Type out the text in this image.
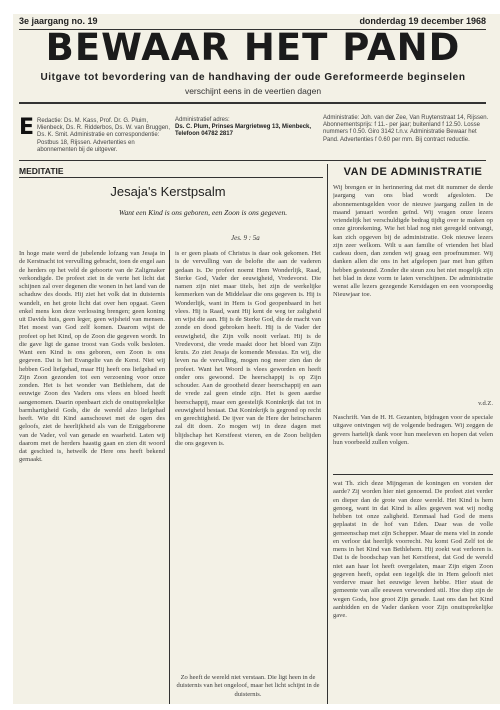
3e jaargang no. 19	donderdag 19 december 1968
BEWAAR HET PAND
Uitgave tot bevordering van de handhaving der oude Gereformeerde beginselen
verschijnt eens in de veertien dagen
E Redactie: Ds. M. Kass, Prof. Dr. G. Pluim, Mienbeck, Ds. R. Ridderbos, Ds. W. van Bruggen, Ds. K. Smit. Administratie en correspondentie: Postbus 18, Rijssen. Advertenties en abonnementen bij de uitgever.
Administratief adres:
Ds. C. Plum, Prinses Margrietweg 13, Mienbeck, Telefoon 04782 2817
Administratie: Joh. van der Zee, Van Ruytenstraat 14, Rijssen. Abonnementsprijs: f 11.- per jaar; buitenland f 12.50. Losse nummers f 0.50. Giro 3142 t.n.v. Administratie Bewaar het Pand. Advertenties f 0.60 per mm. Bij contract reductie.
MEDITATIE
Jesaja's Kerstpsalm
Want een Kind is ons geboren, een Zoon is ons gegeven.
Jes. 9 : 5a
In hoge mate werd de jubelende lofzang van Jesaja in de Kerstnacht tot vervulling gebracht, toen de engel aan de herders op het veld de geboorte van de Zaligmaker verkondigde. De profeet ziet in de verte het licht dat schijnen zal over degenen die wonen in het land van de schaduw des doods. Hij ziet het volk dat in duisternis wandelt, en het grote licht dat over hen opgaat. Geen enkel mens kon deze verlossing brengen; geen koning uit Davids huis, geen leger, geen wijsheid van mensen. Het moest van God zelf komen. Daarom wijst de profeet op het Kind, op de Zoon die gegeven wordt. In die gave ligt de ganse troost van Gods volk besloten. Want een Kind is ons geboren, een Zoon is ons gegeven. Dat is het Evangelie van de Kerst. Niet wij hebben God liefgehad, maar Hij heeft ons liefgehad en Zijn Zoon gezonden tot een verzoening voor onze zonden. Het is het wonder van Bethlehem, dat de eeuwige Zoon des Vaders ons vlees en bloed heeft aangenomen. Daarin openbaart zich de onuitsprekelijke barmhartigheid Gods, die de wereld alzo liefgehad heeft. Wie dit Kind aanschouwt met de ogen des geloofs, ziet de heerlijkheid als van de Eniggeborene van de Vader, vol van genade en waarheid. Laten wij daarom met de herders haastig gaan en zien dit woord dat geschied is, hetwelk de Here ons heeft bekend gemaakt.
is er geen plaats of Christus is daar ook gekomen. Het is de vervulling van de belofte die aan de vaderen gedaan is. De profeet noemt Hem Wonderlijk, Raad, Sterke God, Vader der eeuwigheid, Vredevorst. Die namen zijn niet maar titels, het zijn de werkelijke kenmerken van de Middelaar die ons gegeven is. Hij is Wonderlijk, want in Hem is God geopenbaard in het vlees. Hij is Raad, want Hij kent de weg ter zaligheid en wijst die aan. Hij is de Sterke God, die de macht van zonde en dood gebroken heeft. Hij is de Vader der eeuwigheid, die Zijn volk nooit verlaat. Hij is de Vredevorst, die vrede maakt door het bloed van Zijn kruis. Zo ziet Jesaja de komende Messias. En wij, die leven na de vervulling, mogen nog meer zien dan de profeet. Want het Woord is vlees geworden en heeft onder ons gewoond. De heerschappij is op Zijn schouder. Aan de grootheid dezer heerschappij en aan de vrede zal geen einde zijn. Het is geen aardse heerschappij, maar een geestelijk Koninkrijk dat tot in eeuwigheid bestaat. Dat Koninkrijk is gegrond op recht en gerechtigheid. De ijver van de Here der heirscharen zal dit doen. Zo mogen wij in deze dagen met blijdschap het Kerstfeest vieren, en de Zoon belijden die ons gegeven is.
Zo heeft de wereld niet verstaan. Die ligt heen in de duisternis van het ongeloof, maar het licht schijnt in de duisternis.
VAN DE ADMINISTRATIE
Wij brengen er in herinnering dat met dit nummer de derde jaargang van ons blad wordt afgesloten. De abonnementsgelden voor de nieuwe jaargang zullen in de maand januari worden geïnd. Wij vragen onze lezers vriendelijk het verschuldigde bedrag tijdig over te maken op onze girorekening. Wie het blad nog niet geregeld ontvangt, kan zich opgeven bij de administratie. Ook nieuwe lezers zijn zeer welkom. Wilt u aan familie of vrienden het blad cadeau doen, dan zenden wij graag een proefnummer. Wij danken allen die ons in het afgelopen jaar met hun giften hebben gesteund. Zonder die steun zou het niet mogelijk zijn het blad in deze vorm te laten verschijnen. De administratie wenst alle lezers gezegende Kerstdagen en een voorspoedig Nieuwjaar toe.
v.d.Z.
Naschrift. Van de H. H. Gezanten, bijdragen voor de speciale uitgave ontvingen wij de volgende bedragen. Wij zeggen de gevers hartelijk dank voor hun meeleven en hopen dat velen hun voorbeeld zullen volgen.
wat Th. zich deze Mijngeran de koningen en vorsten der aarde? Zij worden hier niet genoemd. De profeet ziet verder en dieper dan de grote van deze wereld. Het Kind is hem genoeg, want in dat Kind is alles gegeven wat wij nodig hebben tot onze zaligheid. Eenmaal had God de mens geplaatst in de hof van Eden. Daar was de volle gemeenschap met zijn Schepper. Maar de mens viel in zonde en verloor dat heerlijk voorrecht. Nu komt God Zelf tot de mens in het Kind van Bethlehem. Hij zoekt wat verloren is. Dat is de boodschap van het Kerstfeest, dat God de wereld niet aan haar lot heeft overgelaten, maar Zijn eigen Zoon gegeven heeft, opdat een iegelijk die in Hem gelooft niet verderve maar het eeuwige leven hebbe. Hier staat de gemeente van alle eeuwen verwonderd stil. Hoe diep zijn de wegen Gods, hoe groot Zijn genade. Laat ons dan het Kind aanbidden en de Vader danken voor Zijn onuitsprekelijke gave.
